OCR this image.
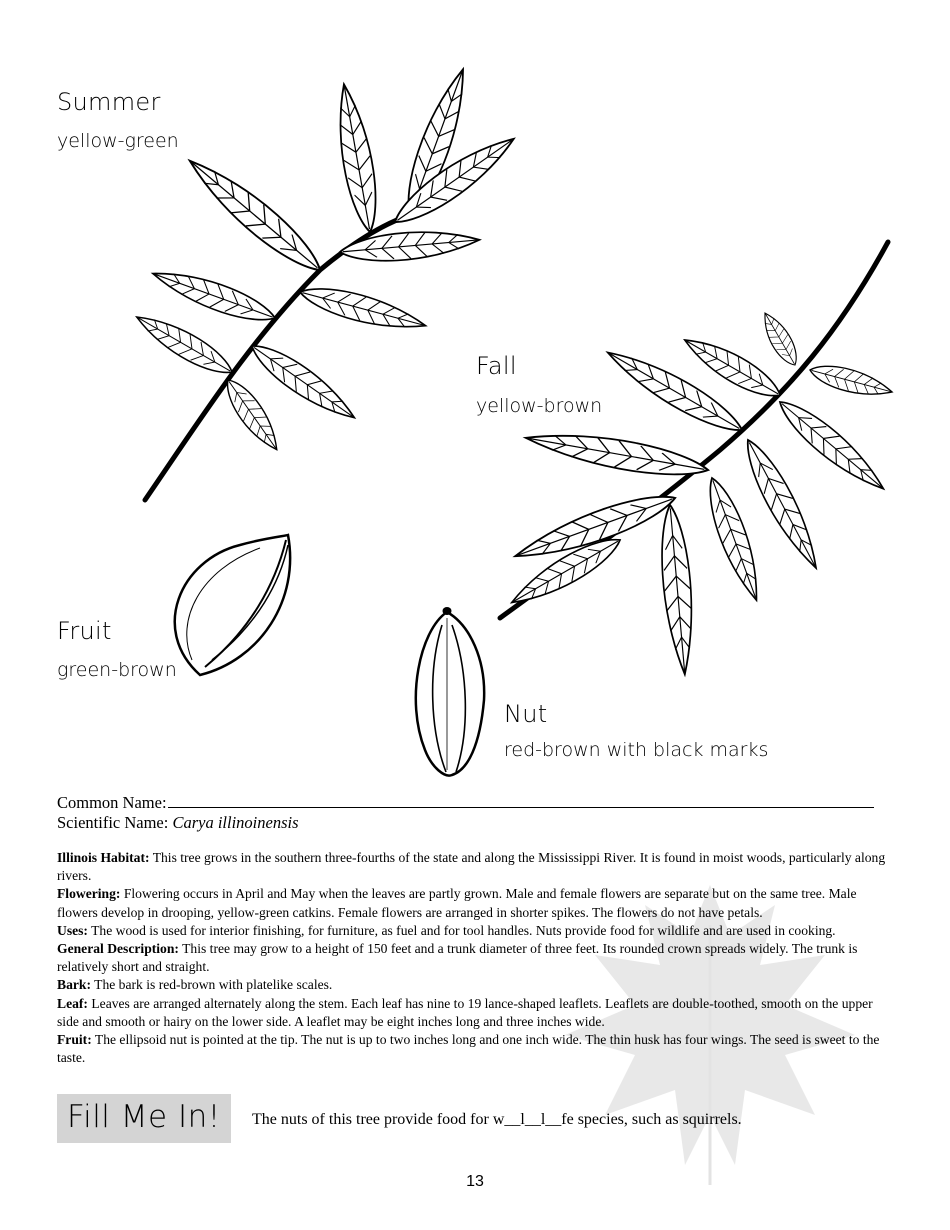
Summer
yellow-green
Fall
yellow-brown
Fruit
green-brown
Nut
red-brown with black marks
Common Name:
Scientific Name: Carya illinoinensis

Illinois Habitat: This tree grows in the southern three-fourths of the state and along the Mississippi River. It is found in moist woods, particularly along rivers.

Flowering: Flowering occurs in April and May when the leaves are partly grown. Male and female flowers are separate but on the same tree. Male flowers develop in drooping, yellow-green catkins. Female flowers are arranged in shorter spikes. The flowers do not have petals.

Uses: The wood is used for interior finishing, for furniture, as fuel and for tool handles. Nuts provide food for wildlife and are used in cooking.

General Description: This tree may grow to a height of 150 feet and a trunk diameter of three feet. Its rounded crown spreads widely. The trunk is relatively short and straight.

Bark: The bark is red-brown with platelike scales.

Leaf: Leaves are arranged alternately along the stem. Each leaf has nine to 19 lance-shaped leaflets. Leaflets are double-toothed, smooth on the upper side and smooth or hairy on the lower side. A leaflet may be eight inches long and three inches wide.

Fruit: The ellipsoid nut is pointed at the tip. The nut is up to two inches long and one inch wide. The thin husk has four wings. The seed is sweet to the taste.

Fill Me In! The nuts of this tree provide food for w__l__l__fe species, such as squirrels.
13
